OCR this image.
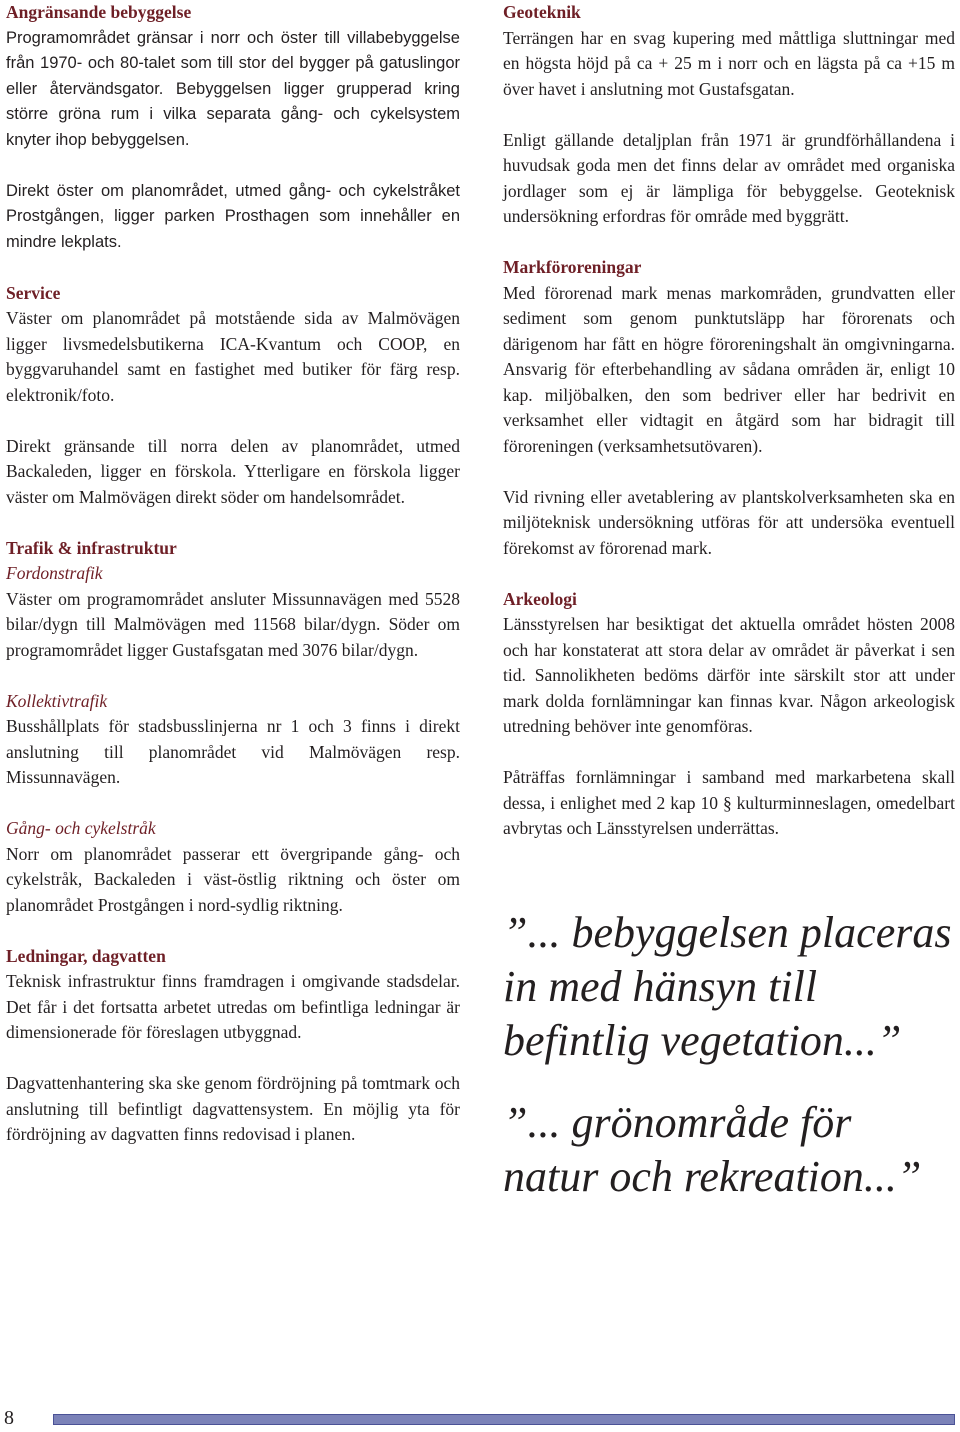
Angränsande bebyggelse

Programområdet gränsar i norr och öster till villabebyggelse från 1970- och 80-talet som till stor del bygger på gatuslingor eller återvändsgator. Bebyggelsen ligger grupperad kring större gröna rum i vilka separata gång- och cykelsystem knyter ihop bebyggelsen.

Direkt öster om planområdet, utmed gång- och cykelstråket Prostgången, ligger parken Prosthagen som innehåller en mindre lekplats.

Service

Väster om planområdet på motstående sida av Malmövägen ligger livsmedelsbutikerna ICA-Kvantum och COOP, en byggvaruhandel samt en fastighet med butiker för färg resp. elektronik/foto.

Direkt gränsande till norra delen av planområdet, utmed Backaleden, ligger en förskola. Ytterligare en förskola ligger väster om Malmövägen direkt söder om handelsområdet.

Trafik & infrastruktur
Fordonstrafik

Väster om programområdet ansluter Missunnavägen med 5528 bilar/dygn till Malmövägen med 11568 bilar/dygn. Söder om programområdet ligger Gustafsgatan med 3076 bilar/dygn.

Kollektivtrafik

Busshållplats för stadsbusslinjerna nr 1 och 3 finns i direkt anslutning till planområdet vid Malmövägen resp. Missunnavägen.

Gång- och cykelstråk

Norr om planområdet passerar ett övergripande gång- och cykelstråk, Backaleden i väst-östlig riktning och öster om planområdet Prostgången i nord-sydlig riktning.

Ledningar, dagvatten

Teknisk infrastruktur finns framdragen i omgivande stadsdelar. Det får i det fortsatta arbetet utredas om befintliga ledningar är dimensionerade för föreslagen utbyggnad.

Dagvattenhantering ska ske genom fördröjning på tomtmark och anslutning till befintligt dagvattensystem. En möjlig yta för fördröjning av dagvatten finns redovisad i planen.

Geoteknik

Terrängen har en svag kupering med måttliga sluttningar med en högsta höjd på ca + 25 m i norr och en lägsta på ca +15 m över havet i anslutning mot Gustafsgatan.

Enligt gällande detaljplan från 1971 är grundförhållandena i huvudsak goda men det finns delar av området med organiska jordlager som ej är lämpliga för bebyggelse. Geoteknisk undersökning erfordras för område med byggrätt.

Markföroreningar

Med förorenad mark menas markområden, grundvatten eller sediment som genom punktutsläpp har förorenats och därigenom har fått en högre föroreningshalt än omgivningarna. Ansvarig för efterbehandling av sådana områden är, enligt 10 kap. miljöbalken, den som bedriver eller har bedrivit en verksamhet eller vidtagit en åtgärd som har bidragit till föroreningen (verksamhetsutövaren).

Vid rivning eller avetablering av plantskolverksamheten ska en miljöteknisk undersökning utföras för att undersöka eventuell förekomst av förorenad mark.

Arkeologi

Länsstyrelsen har besiktigat det aktuella området hösten 2008 och har konstaterat att stora delar av området är påverkat i sen tid. Sannolikheten bedöms därför inte särskilt stor att under mark dolda fornlämningar kan finnas kvar. Någon arkeologisk utredning behöver inte genomföras.

Påträffas fornlämningar i samband med markarbetena skall dessa, i enlighet med 2 kap 10 § kulturminneslagen, omedelbart avbrytas och Länsstyrelsen underrättas.

”... bebyggelsen placeras in med hänsyn till befintlig vegetation...”
”... grönområde för natur och rekreation...”
8
